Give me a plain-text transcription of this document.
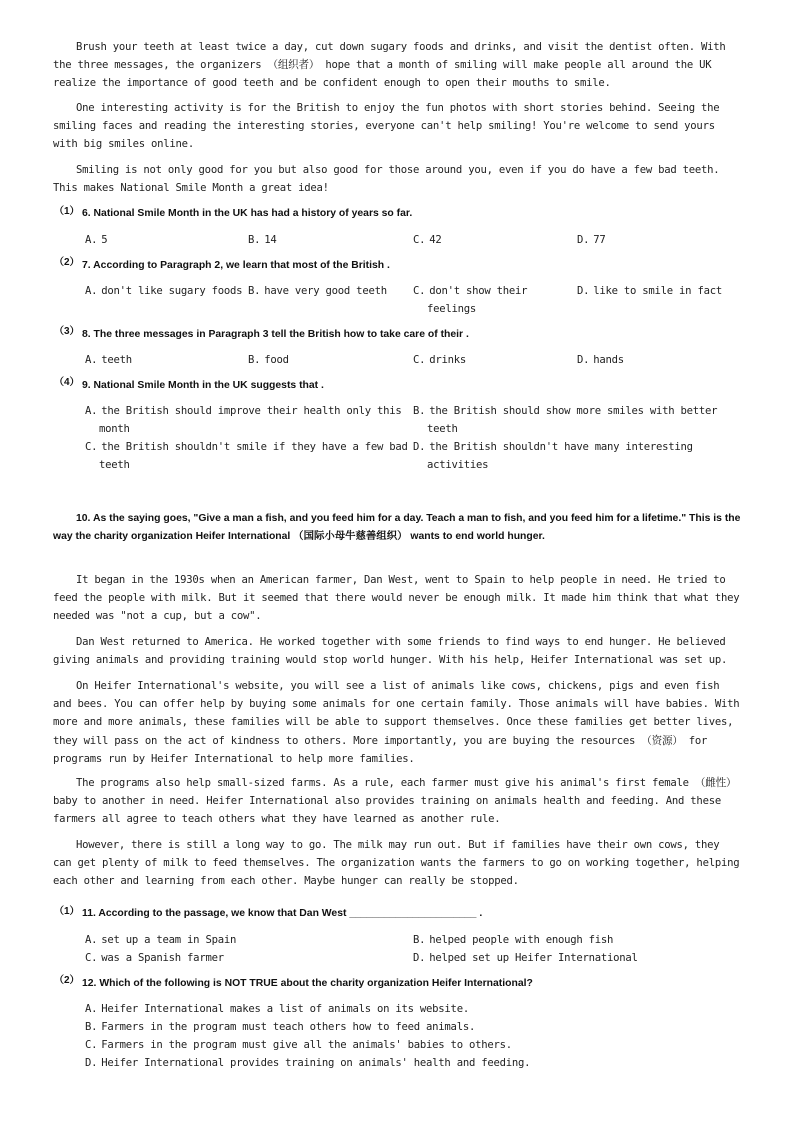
Brush your teeth at least twice a day, cut down sugary foods and drinks, and visit the dentist often. With the three messages, the organizers （组织者） hope that a month of smiling will make people all around the UK realize the importance of good teeth and be confident enough to open their mouths to smile.

One interesting activity is for the British to enjoy the fun photos with short stories behind. Seeing the smiling faces and reading the interesting stories, everyone can't help smiling! You're welcome to send yours with big smiles online.

Smiling is not only good for you but also good for those around you, even if you do have a few bad teeth. This makes National Smile Month a great idea!

（1） 6. National Smile Month in the UK has had a history of years so far.
A. 5	B. 14	C. 42	D. 77
（2） 7. According to Paragraph 2, we learn that most of the British .
A. don't like sugary foods B. have very good teeth C. don't show their feelings
D. like to smile in fact
（3） 8. The three messages in Paragraph 3 tell the British how to take care of their .
A. teeth	B. food	C. drinks	D. hands
（4） 9. National Smile Month in the UK suggests that .
A. the British should improve their health only this month
B. the British should show more smiles with better teeth
C. the British shouldn't smile if they have a few bad teeth
D. the British shouldn't have many interesting activities

10. As the saying goes, "Give a man a fish, and you feed him for a day. Teach a man to fish, and you feed him for a lifetime." This is the way the charity organization Heifer International （国际小母牛慈善组织） wants to end world hunger.

It began in the 1930s when an American farmer, Dan West, went to Spain to help people in need. He tried to feed the people with milk. But it seemed that there would never be enough milk. It made him think that what they needed was "not a cup, but a cow".

Dan West returned to America. He worked together with some friends to find ways to end hunger. He believed giving animals and providing training would stop world hunger. With his help, Heifer International was set up.

On Heifer International's website, you will see a list of animals like cows, chickens, pigs and even fish and bees. You can offer help by buying some animals for one certain family. Those animals will have babies. With more and more animals, these families will be able to support themselves. Once these families get better lives, they will pass on the act of kindness to others. More importantly, you are buying the resources （资源） for programs run by Heifer International to help more families.

The programs also help small-sized farms. As a rule, each farmer must give his animal's first female （雌性） baby to another in need. Heifer International also provides training on animals health and feeding. And these farmers all agree to teach others what they have learned as another rule.

However, there is still a long way to go. The milk may run out. But if families have their own cows, they can get plenty of milk to feed themselves. The organization wants the farmers to go on working together, helping each other and learning from each other. Maybe hunger can really be stopped.

（1） 11. According to the passage, we know that Dan West ______________________ .
A. set up a team in Spain	B. helped people with enough fish
C. was a Spanish farmer	D. helped set up Heifer International
（2） 12. Which of the following is NOT TRUE about the charity organization Heifer International?
A. Heifer International makes a list of animals on its website.
B. Farmers in the program must teach others how to feed animals.
C. Farmers in the program must give all the animals' babies to others.
D. Heifer International provides training on animals' health and feeding.
